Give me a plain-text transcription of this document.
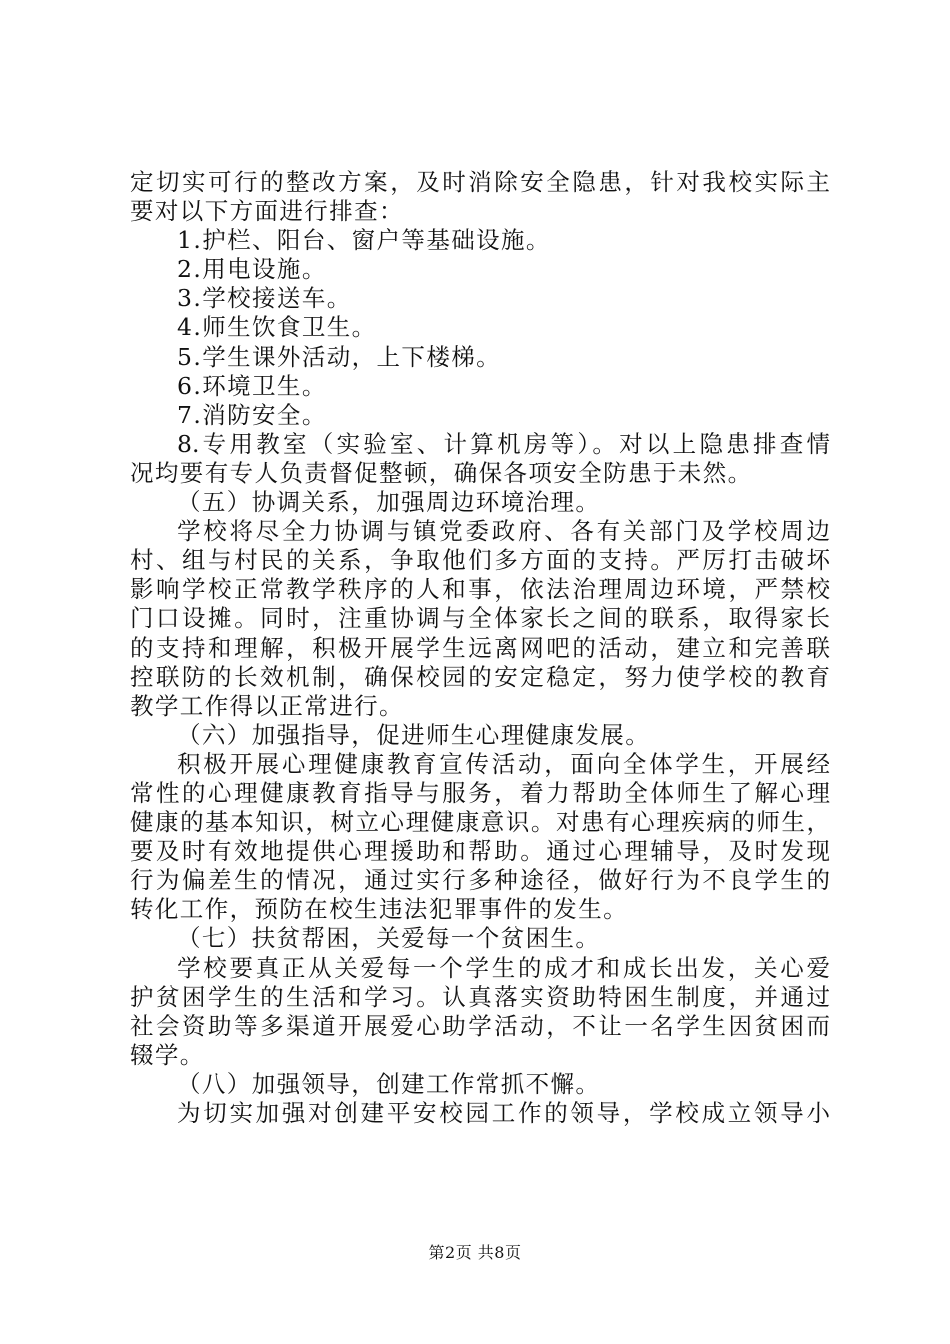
定切实可行的整改方案，及时消除安全隐患，针对我校实际主
要对以下方面进行排查：
1.护栏、阳台、窗户等基础设施。
2.用电设施。
3.学校接送车。
4.师生饮食卫生。
5.学生课外活动，上下楼梯。
6.环境卫生。
7.消防安全。
8.专用教室（实验室、计算机房等）。对以上隐患排查情
况均要有专人负责督促整顿，确保各项安全防患于未然。
（五）协调关系，加强周边环境治理。
学校将尽全力协调与镇党委政府、各有关部门及学校周边
村、组与村民的关系，争取他们多方面的支持。严厉打击破坏
影响学校正常教学秩序的人和事，依法治理周边环境，严禁校
门口设摊。同时，注重协调与全体家长之间的联系，取得家长
的支持和理解，积极开展学生远离网吧的活动，建立和完善联
控联防的长效机制，确保校园的安定稳定，努力使学校的教育
教学工作得以正常进行。
（六）加强指导，促进师生心理健康发展。
积极开展心理健康教育宣传活动，面向全体学生，开展经
常性的心理健康教育指导与服务，着力帮助全体师生了解心理
健康的基本知识，树立心理健康意识。对患有心理疾病的师生，
要及时有效地提供心理援助和帮助。通过心理辅导，及时发现
行为偏差生的情况，通过实行多种途径，做好行为不良学生的
转化工作，预防在校生违法犯罪事件的发生。
（七）扶贫帮困，关爱每一个贫困生。
学校要真正从关爱每一个学生的成才和成长出发，关心爱
护贫困学生的生活和学习。认真落实资助特困生制度，并通过
社会资助等多渠道开展爱心助学活动，不让一名学生因贫困而
辍学。
（八）加强领导，创建工作常抓不懈。
为切实加强对创建平安校园工作的领导，学校成立领导小
第2页 共8页
